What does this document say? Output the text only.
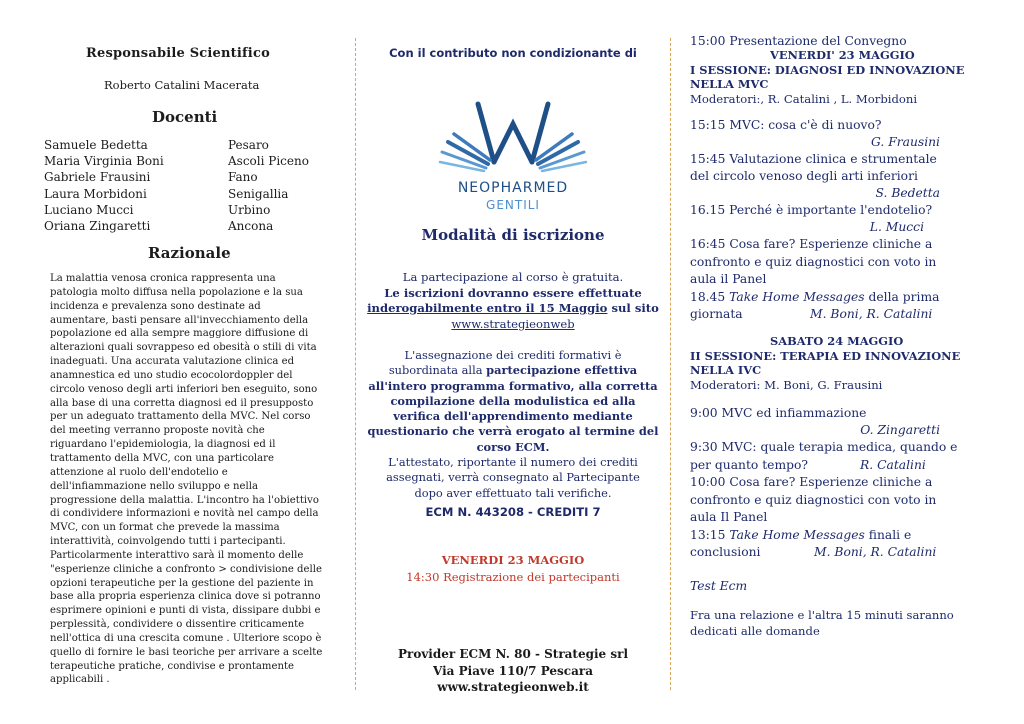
Responsabile Scientifico
Roberto Catalini Macerata
Docenti
Samuele Bedetta	Pesaro
Maria Virginia Boni	Ascoli Piceno
Gabriele Frausini	Fano
Laura Morbidoni	Senigallia
Luciano Mucci	Urbino
Oriana Zingaretti	Ancona
Razionale
La malattia venosa cronica rappresenta una
patologia molto diffusa nella popolazione e la sua
incidenza e prevalenza sono destinate ad
aumentare, basti pensare all'invecchiamento della
popolazione ed alla sempre maggiore diffusione di
alterazioni quali sovrappeso ed obesità o stili di vita
inadeguati. Una accurata valutazione clinica ed
anamnestica ed uno studio ecocolordoppler del
circolo venoso degli arti inferiori ben eseguito, sono
alla base di una corretta diagnosi ed il presupposto
per un adeguato trattamento della MVC. Nel corso
del meeting verranno proposte novità che
riguardano l'epidemiologia, la diagnosi ed il
trattamento della MVC, con una particolare
attenzione al ruolo dell'endotelio e
dell'infiammazione nello sviluppo e nella
progressione della malattia. L'incontro ha l'obiettivo
di condividere informazioni e novità nel campo della
MVC, con un format che prevede la massima
interattività, coinvolgendo tutti i partecipanti.
Particolarmente interattivo sarà il momento delle
"esperienze cliniche a confronto > condivisione delle
opzioni terapeutiche per la gestione del paziente in
base alla propria esperienza clinica dove si potranno
esprimere opinioni e punti di vista, dissipare dubbi e
perplessità, condividere o dissentire criticamente
nell'ottica di una crescita comune . Ulteriore scopo è
quello di fornire le basi teoriche per arrivare a scelte
terapeutiche pratiche, condivise e prontamente
applicabili .
Con il contributo non condizionante di
NEOPHARMED
GENTILI
Modalità di iscrizione
La partecipazione al corso è gratuita.
Le iscrizioni dovranno essere effettuate
inderogabilmente entro il 15 Maggio sul sito
www.strategieonweb
L'assegnazione dei crediti formativi è
subordinata alla partecipazione effettiva
all'intero programma formativo, alla corretta
compilazione della modulistica ed alla
verifica dell'apprendimento mediante
questionario che verrà erogato al termine del
corso ECM.
L'attestato, riportante il numero dei crediti
assegnati, verrà consegnato al Partecipante
dopo aver effettuato tali verifiche.
ECM N. 443208 - CREDITI 7
VENERDI 23 MAGGIO
14:30 Registrazione dei partecipanti
Provider ECM N. 80 - Strategie srl
Via Piave 110/7 Pescara
www.strategieonweb.it
15:00 Presentazione del Convegno
VENERDI' 23 MAGGIO
I SESSIONE: DIAGNOSI ED INNOVAZIONE
NELLA MVC
Moderatori:, R. Catalini , L. Morbidoni
15:15 MVC: cosa c'è di nuovo?
G. Frausini
15:45 Valutazione clinica e strumentale
del circolo venoso degli arti inferiori
S. Bedetta
16.15 Perché è importante l'endotelio?
L. Mucci
16:45 Cosa fare? Esperienze cliniche a
confronto e quiz diagnostici con voto in
aula il Panel
18.45 Take Home Messages della prima
giornata	M. Boni, R. Catalini
SABATO 24 MAGGIO
II SESSIONE: TERAPIA ED INNOVAZIONE
NELLA IVC
Moderatori: M. Boni, G. Frausini
9:00 MVC ed infiammazione
O. Zingaretti
9:30 MVC: quale terapia medica, quando e
per quanto tempo?	R. Catalini
10:00 Cosa fare? Esperienze cliniche a
confronto e quiz diagnostici con voto in
aula Il Panel
13:15 Take Home Messages finali e
conclusioni	M. Boni, R. Catalini
Test Ecm
Fra una relazione e l'altra 15 minuti saranno
dedicati alle domande
